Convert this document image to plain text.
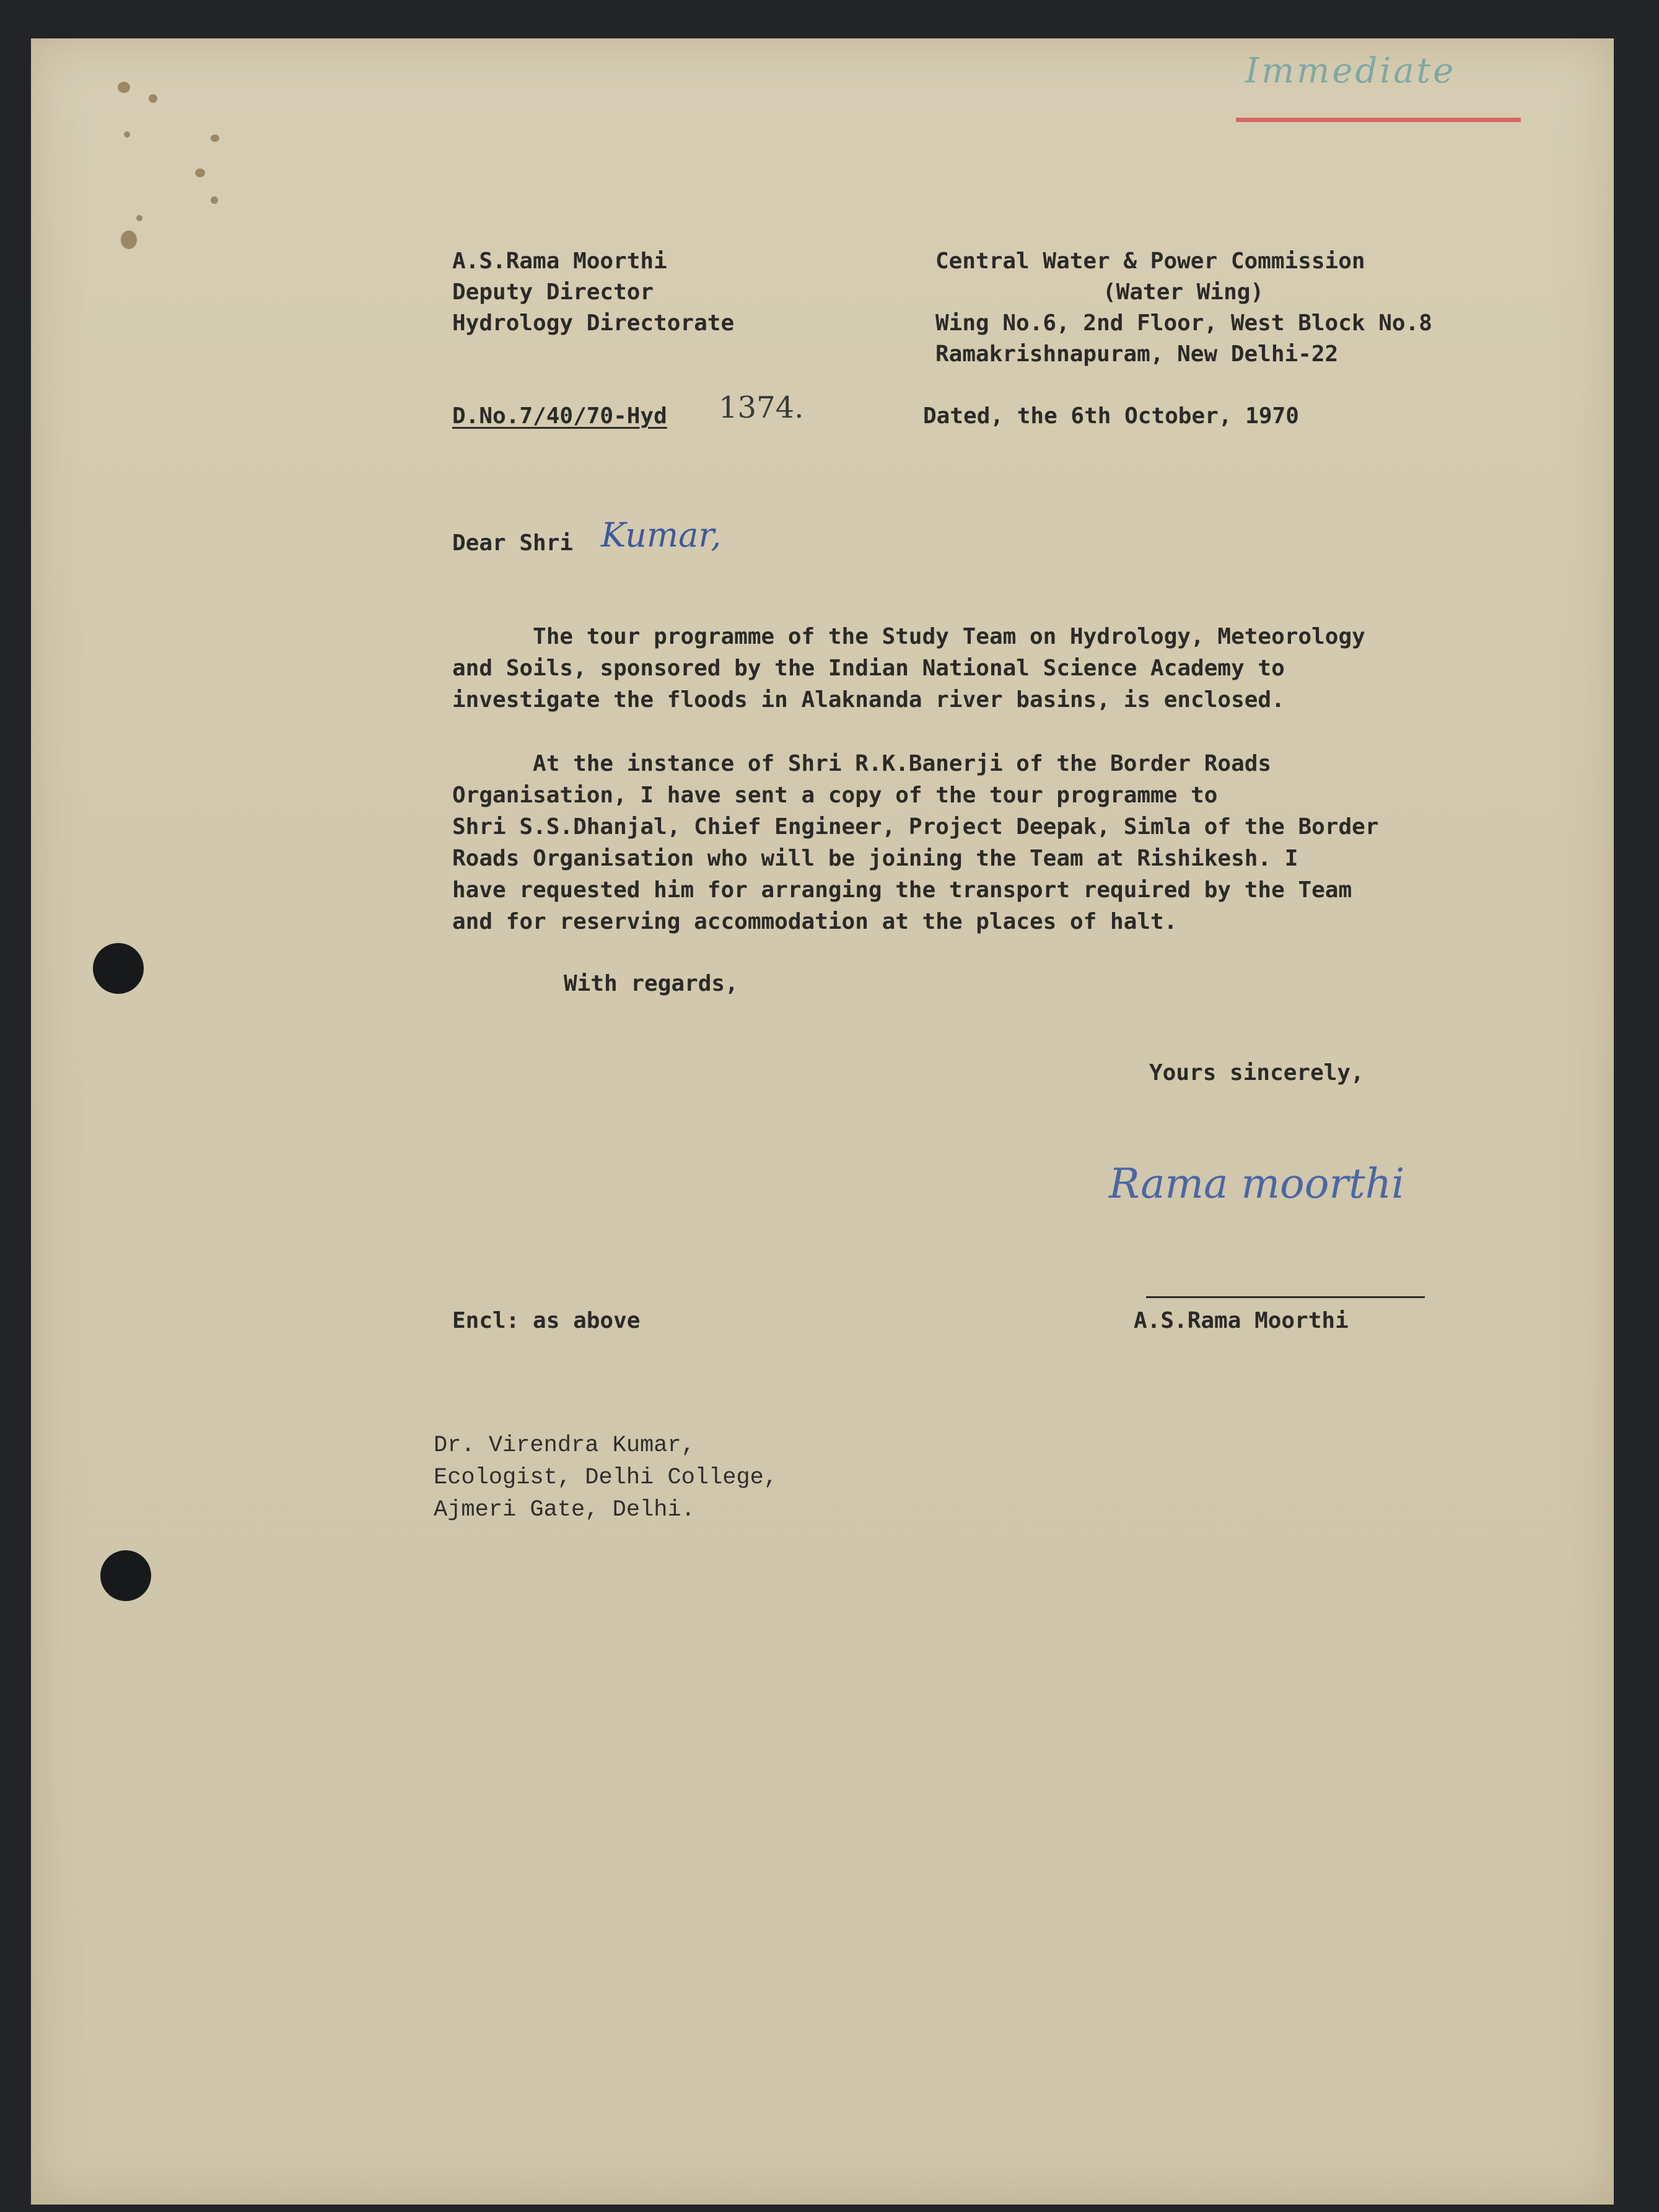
Immediate

A.S.Rama Moorthi

Deputy Director

Hydrology Directorate

Central Water & Power Commission

(Water Wing)

Wing No.6, 2nd Floor, West Block No.8

Ramakrishnapuram, New Delhi-22

D.No.7/40/70-Hyd 1374.	Dated, the 6th October, 1970

Dear Shri Kumar,

The tour programme of the Study Team on Hydrology, Meteorology

and Soils, sponsored by the Indian National Science Academy to

investigate the floods in Alaknanda river basins, is enclosed.

At the instance of Shri R.K.Banerji of the Border Roads

Organisation, I have sent a copy of the tour programme to

Shri S.S.Dhanjal, Chief Engineer, Project Deepak, Simla of the Border

Roads Organisation who will be joining the Team at Rishikesh. I

have requested him for arranging the transport required by the Team

and for reserving accommodation at the places of halt.

With regards,

Yours sincerely,

Rama moorthi

A.S.Rama Moorthi

Encl: as above

Dr. Virendra Kumar,

Ecologist, Delhi College,

Ajmeri Gate, Delhi.
